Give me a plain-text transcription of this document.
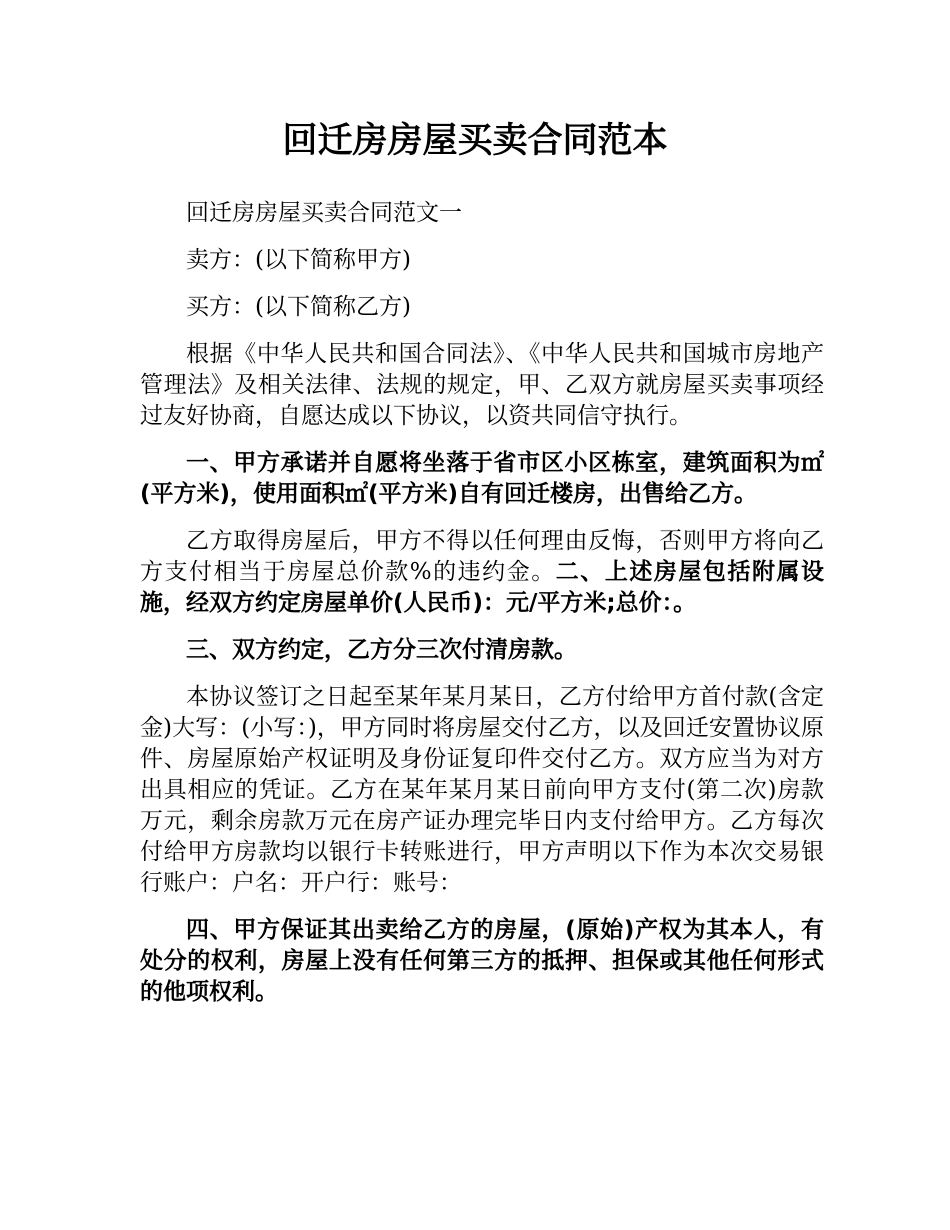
回迁房房屋买卖合同范本

回迁房房屋买卖合同范文一

卖方：(以下简称甲方)

买方：(以下简称乙方)

根据《中华人民共和国合同法》、《中华人民共和国城市房地产管理法》及相关法律、法规的规定，甲、乙双方就房屋买卖事项经过友好协商，自愿达成以下协议，以资共同信守执行。

一、甲方承诺并自愿将坐落于省市区小区栋室，建筑面积为㎡(平方米)，使用面积㎡(平方米)自有回迁楼房，出售给乙方。

乙方取得房屋后，甲方不得以任何理由反悔，否则甲方将向乙方支付相当于房屋总价款%的违约金。二、上述房屋包括附属设施，经双方约定房屋单价(人民币)：元/平方米;总价：。

三、双方约定，乙方分三次付清房款。

本协议签订之日起至某年某月某日，乙方付给甲方首付款(含定金)大写：(小写：)，甲方同时将房屋交付乙方，以及回迁安置协议原件、房屋原始产权证明及身份证复印件交付乙方。双方应当为对方出具相应的凭证。乙方在某年某月某日前向甲方支付(第二次)房款万元，剩余房款万元在房产证办理完毕日内支付给甲方。乙方每次付给甲方房款均以银行卡转账进行，甲方声明以下作为本次交易银行账户：户名：开户行：账号：

四、甲方保证其出卖给乙方的房屋，(原始)产权为其本人，有处分的权利，房屋上没有任何第三方的抵押、担保或其他任何形式的他项权利。
